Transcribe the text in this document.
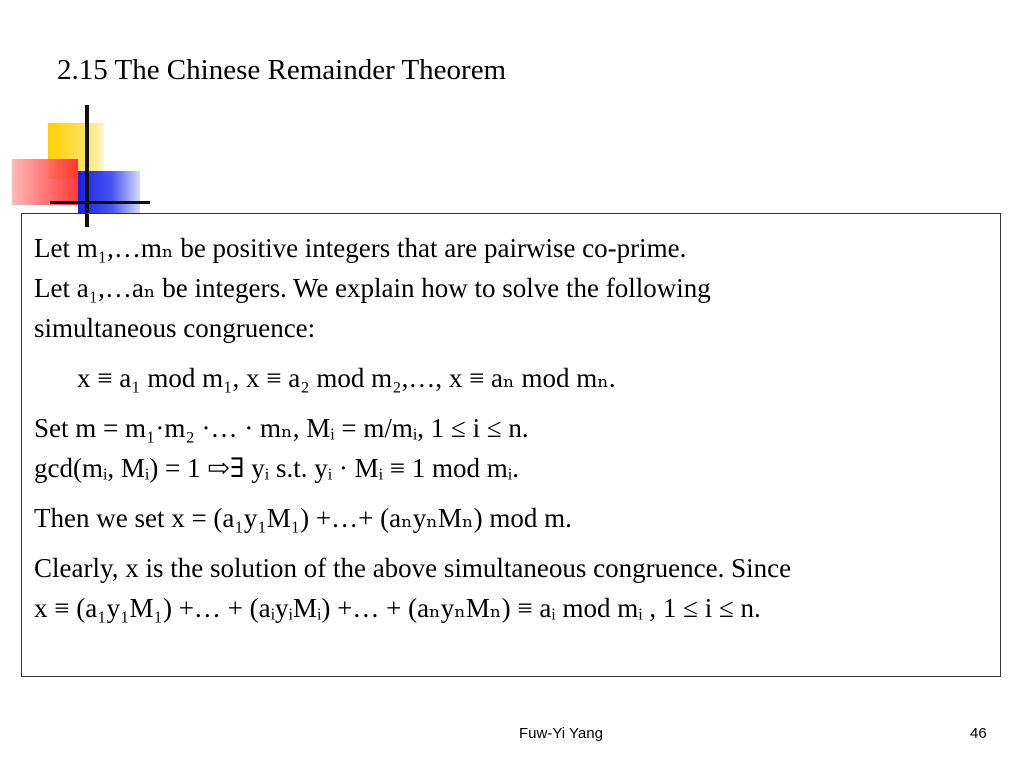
2.15 The Chinese Remainder Theorem
Let m₁,…mₙ be positive integers that are pairwise co-prime.
Let a₁,…aₙ be integers. We explain how to solve the following
simultaneous congruence:
x ≡ a₁ mod m₁, x ≡ a₂ mod m₂,…, x ≡ aₙ mod mₙ.
Set m = m₁·m₂ ·… · mₙ, Mᵢ = m/mᵢ, 1 ≤ i ≤ n.
gcd(mᵢ, Mᵢ) = 1 ⇨∃ yᵢ s.t. yᵢ · Mᵢ ≡ 1 mod mᵢ.
Then we set x = (a₁y₁M₁) +…+ (aₙyₙMₙ) mod m.
Clearly, x is the solution of the above simultaneous congruence. Since
x ≡ (a₁y₁M₁) +… + (aᵢyᵢMᵢ) +… + (aₙyₙMₙ) ≡ aᵢ mod mᵢ , 1 ≤ i ≤ n.
Fuw-Yi Yang	46
